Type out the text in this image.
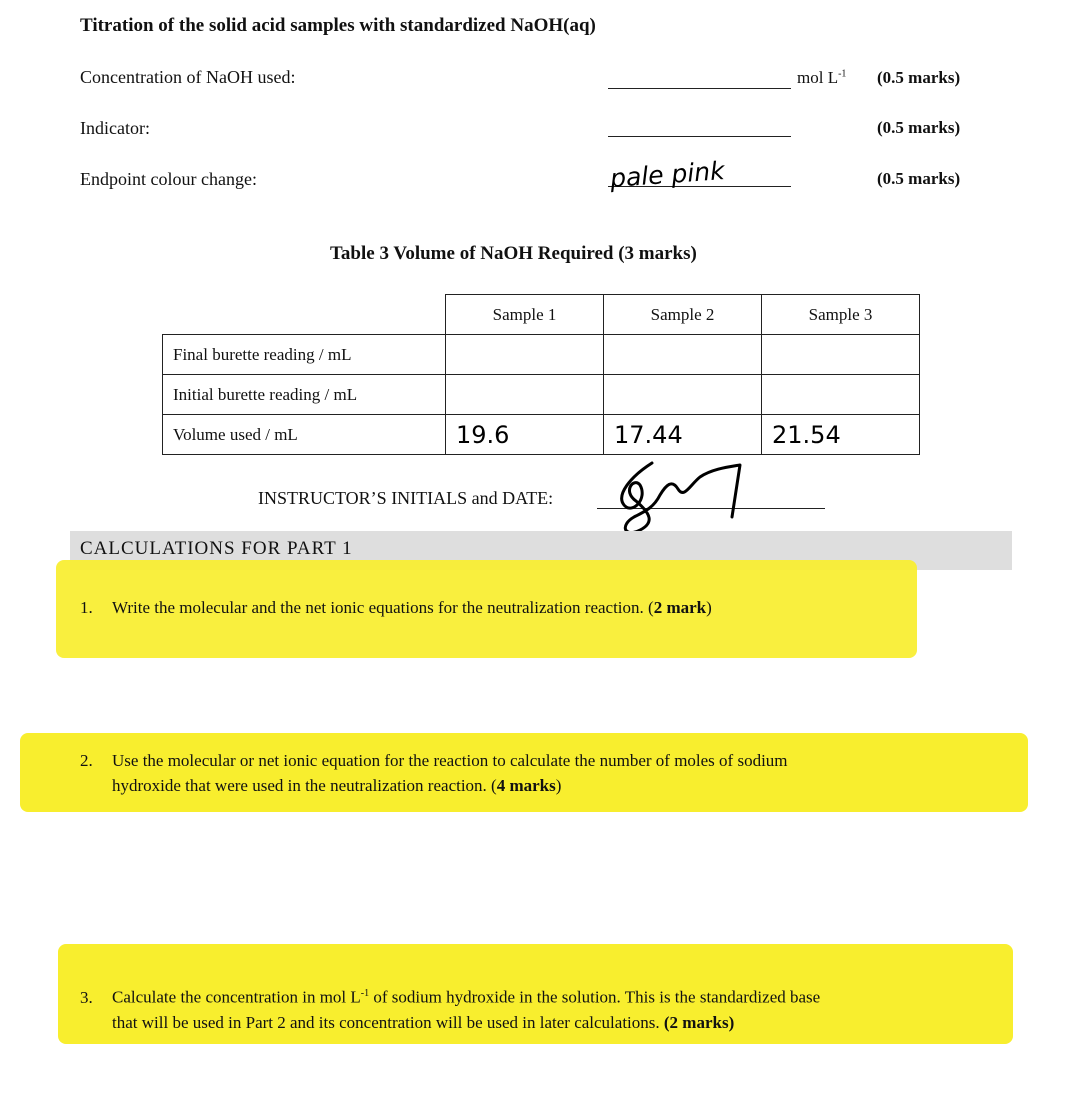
Titration of the solid acid samples with standardized NaOH(aq)
Concentration of NaOH used:	mol $L^{-1}$ (0.5 marks)
Indicator:	(0.5 marks)
Endpoint colour change:	pale pink	(0.5 marks)
Table 3 Volume of NaOH Required (3 marks)
	Sample 1	Sample 2	Sample 3
Final burette reading / mL			
Initial burette reading / mL			
Volume used / mL	19.6	17.44	21.54
INSTRUCTOR’S INITIALS and DATE:
CALCULATIONS FOR PART 1
1. Write the molecular and the net ionic equations for the neutralization reaction. (2 mark)
2. Use the molecular or net ionic equation for the reaction to calculate the number of moles of sodium
hydroxide that were used in the neutralization reaction. (4 marks)
3. Calculate the concentration in mol $L^{-1}$ of sodium hydroxide in the solution. This is the standardized base
that will be used in Part 2 and its concentration will be used in later calculations. (2 marks)
